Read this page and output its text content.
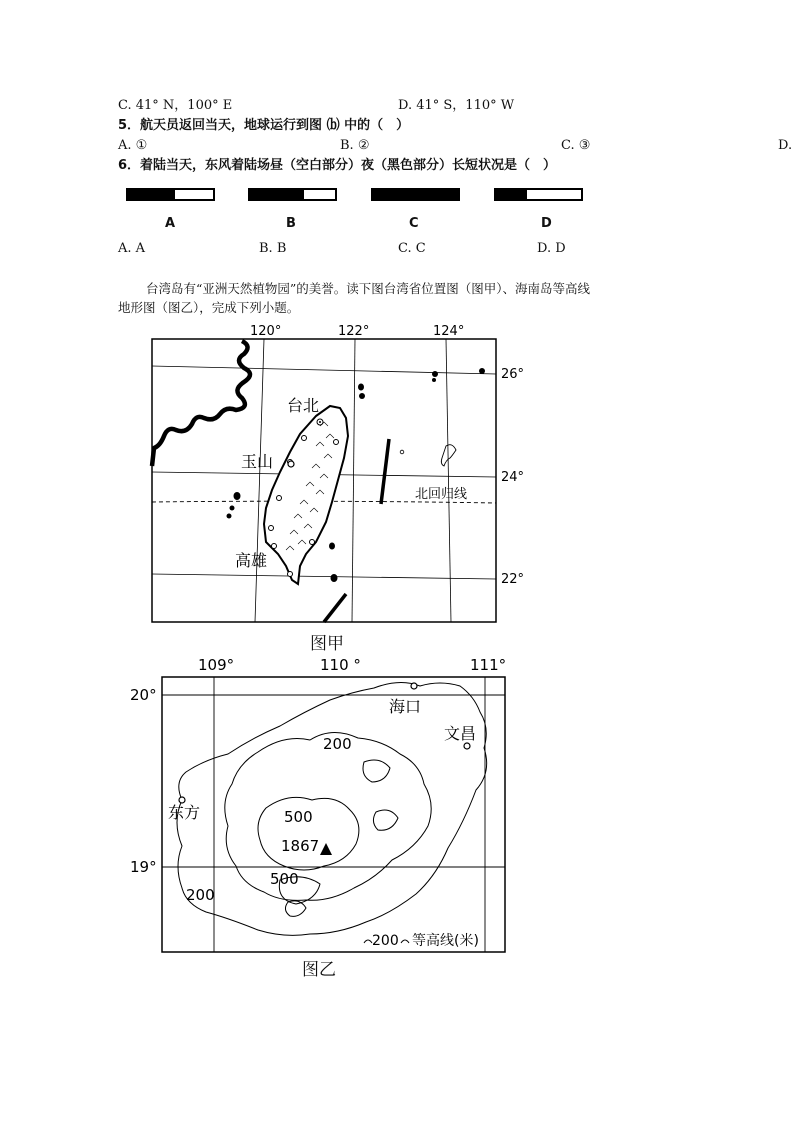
C. 41° N，100° E	D. 41° S，110° W
5．航天员返回当天，地球运行到图 ⒝ 中的（　）
A. ①	B. ②	C. ③	D.
6．着陆当天，东风着陆场昼（空白部分）夜（黑色部分）长短状况是（　）
A	B	C	D
A. A	B. B	C. C	D. D
台湾岛有“亚洲天然植物园”的美誉。读下图台湾省位置图（图甲）、海南岛等高线
地形图（图乙），完成下列小题。
120°	122°	124°
26°
24°
22°
北回归线
台北
玉山
高雄
图甲
109°	110 °	111°
20°
19°
1867
200
500
500
200
海口
文昌
东方
200 等高线(米)
图乙
